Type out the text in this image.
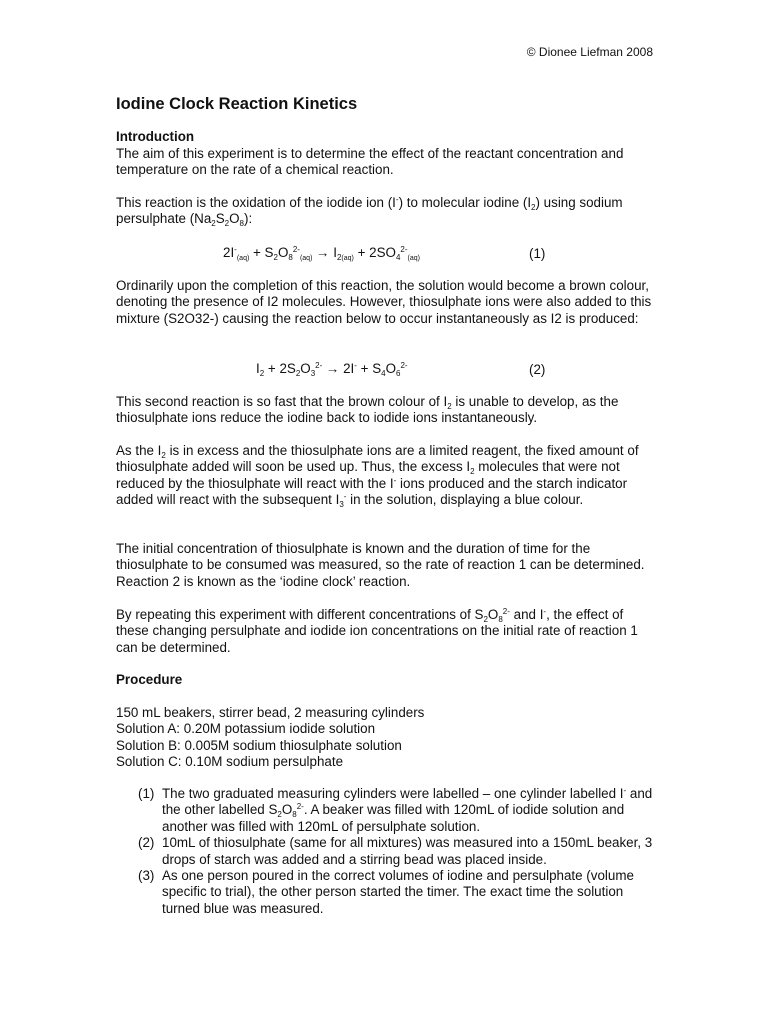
© Dionee Liefman 2008
Iodine Clock Reaction Kinetics
Introduction

The aim of this experiment is to determine the effect of the reactant concentration and temperature on the rate of a chemical reaction.

This reaction is the oxidation of the iodide ion (I-) to molecular iodine $(I_2)$ using sodium persulphate $(Na_2S_2O_8)$:

$2I^-_{(aq)} + S_2O_8^{2-}_{(aq)} \to I_{2(aq)} + 2SO_4^{2-}_{(aq)}$	(1)

Ordinarily upon the completion of this reaction, the solution would become a brown colour, denoting the presence of I2 molecules. However, thiosulphate ions were also added to this mixture (S2O32-) causing the reaction below to occur instantaneously as I2 is produced:

$I_2 + 2S_2O_3^{2-} \to 2I^- + S_4O_6^{2-}$	(2)

This second reaction is so fast that the brown colour of $I_2$ is unable to develop, as the thiosulphate ions reduce the iodine back to iodide ions instantaneously.

As the $I_2$ is in excess and the thiosulphate ions are a limited reagent, the fixed amount of thiosulphate added will soon be used up. Thus, the excess $I_2$ molecules that were not reduced by the thiosulphate will react with the I- ions produced and the starch indicator added will react with the subsequent $I_3^-$ in the solution, displaying a blue colour.

The initial concentration of thiosulphate is known and the duration of time for the thiosulphate to be consumed was measured, so the rate of reaction 1 can be determined. Reaction 2 is known as the ‘iodine clock’ reaction.

By repeating this experiment with different concentrations of $S_2O_8^{2-}$ and I-, the effect of these changing persulphate and iodide ion concentrations on the initial rate of reaction 1 can be determined.

Procedure
150 mL beakers, stirrer bead, 2 measuring cylinders
Solution A: 0.20M potassium iodide solution
Solution B: 0.005M sodium thiosulphate solution
Solution C: 0.10M sodium persulphate
(1) The two graduated measuring cylinders were labelled – one cylinder labelled I- and the other labelled $S_2O_8^{2-}$. A beaker was filled with 120mL of iodide solution and another was filled with 120mL of persulphate solution.
(2) 10mL of thiosulphate (same for all mixtures) was measured into a 150mL beaker, 3 drops of starch was added and a stirring bead was placed inside.
(3) As one person poured in the correct volumes of iodine and persulphate (volume specific to trial), the other person started the timer. The exact time the solution turned blue was measured.
